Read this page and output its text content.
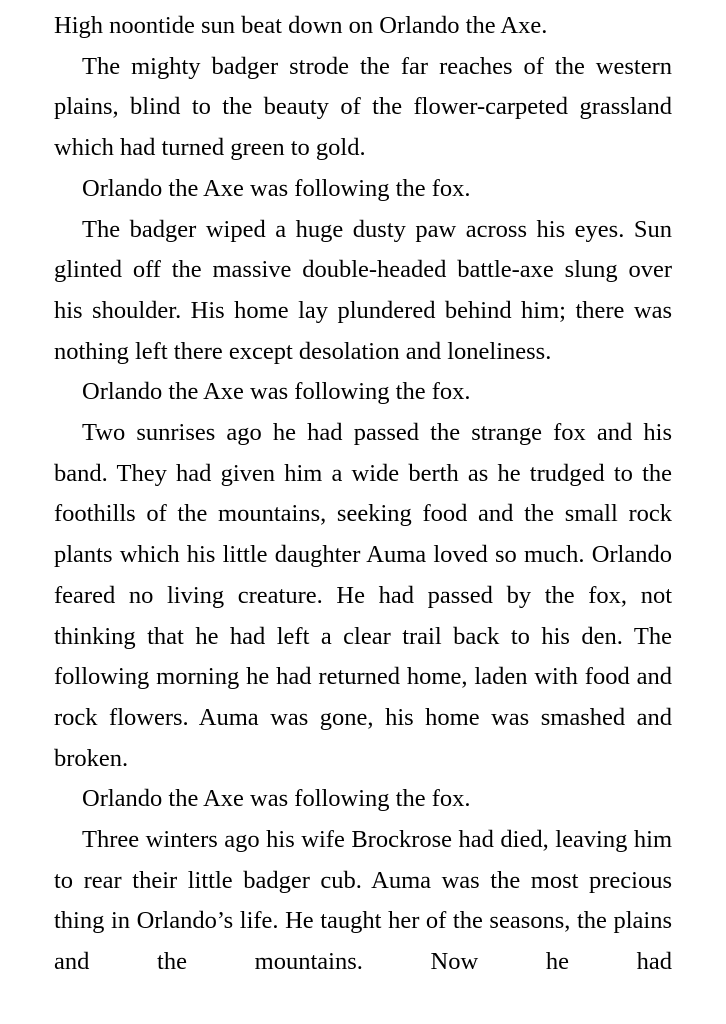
High noontide sun beat down on Orlando the Axe.

The mighty badger strode the far reaches of the western plains, blind to the beauty of the flower-carpeted grassland which had turned green to gold.

Orlando the Axe was following the fox.

The badger wiped a huge dusty paw across his eyes. Sun glinted off the massive double-headed battle-axe slung over his shoulder. His home lay plundered behind him; there was nothing left there except desolation and loneliness.

Orlando the Axe was following the fox.

Two sunrises ago he had passed the strange fox and his band. They had given him a wide berth as he trudged to the foothills of the mountains, seeking food and the small rock plants which his little daughter Auma loved so much. Orlando feared no living creature. He had passed by the fox, not thinking that he had left a clear trail back to his den. The following morning he had returned home, laden with food and rock flowers. Auma was gone, his home was smashed and broken.

Orlando the Axe was following the fox.

Three winters ago his wife Brockrose had died, leaving him to rear their little badger cub. Auma was the most precious thing in Orlando’s life. He taught her of the seasons, the plains and the mountains. Now he had
